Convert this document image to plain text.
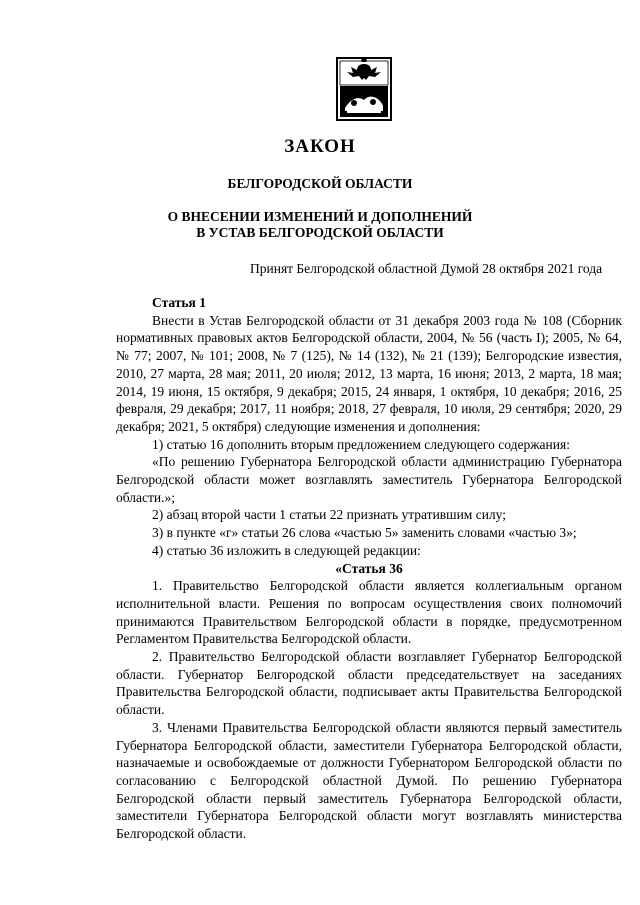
ЗАКОН
БЕЛГОРОДСКОЙ ОБЛАСТИ
О ВНЕСЕНИИ ИЗМЕНЕНИЙ И ДОПОЛНЕНИЙ
В УСТАВ БЕЛГОРОДСКОЙ ОБЛАСТИ
Принят Белгородской областной Думой 28 октября 2021 года

Статья 1

Внести в Устав Белгородской области от 31 декабря 2003 года № 108 (Сборник нормативных правовых актов Белгородской области, 2004, № 56 (часть I); 2005, № 64, № 77; 2007, № 101; 2008, № 7 (125), № 14 (132), № 21 (139); Белгородские известия, 2010, 27 марта, 28 мая; 2011, 20 июля; 2012, 13 марта, 16 июня; 2013, 2 марта, 18 мая; 2014, 19 июня, 15 октября, 9 декабря; 2015, 24 января, 1 октября, 10 декабря; 2016, 25 февраля, 29 декабря; 2017, 11 ноября; 2018, 27 февраля, 10 июля, 29 сентября; 2020, 29 декабря; 2021, 5 октября) следующие изменения и дополнения:

1) статью 16 дополнить вторым предложением следующего содержания:

«По решению Губернатора Белгородской области администрацию Губернатора Белгородской области может возглавлять заместитель Губернатора Белгородской области.»;

2) абзац второй части 1 статьи 22 признать утратившим силу;

3) в пункте «г» статьи 26 слова «частью 5» заменить словами «частью 3»;

4) статью 36 изложить в следующей редакции:

«Статья 36

1. Правительство Белгородской области является коллегиальным органом исполнительной власти. Решения по вопросам осуществления своих полномочий принимаются Правительством Белгородской области в порядке, предусмотренном Регламентом Правительства Белгородской области.

2. Правительство Белгородской области возглавляет Губернатор Белгородской области. Губернатор Белгородской области председательствует на заседаниях Правительства Белгородской области, подписывает акты Правительства Белгородской области.

3. Членами Правительства Белгородской области являются первый заместитель Губернатора Белгородской области, заместители Губернатора Белгородской области, назначаемые и освобождаемые от должности Губернатором Белгородской области по согласованию с Белгородской областной Думой. По решению Губернатора Белгородской области первый заместитель Губернатора Белгородской области, заместители Губернатора Белгородской области могут возглавлять министерства Белгородской области.
